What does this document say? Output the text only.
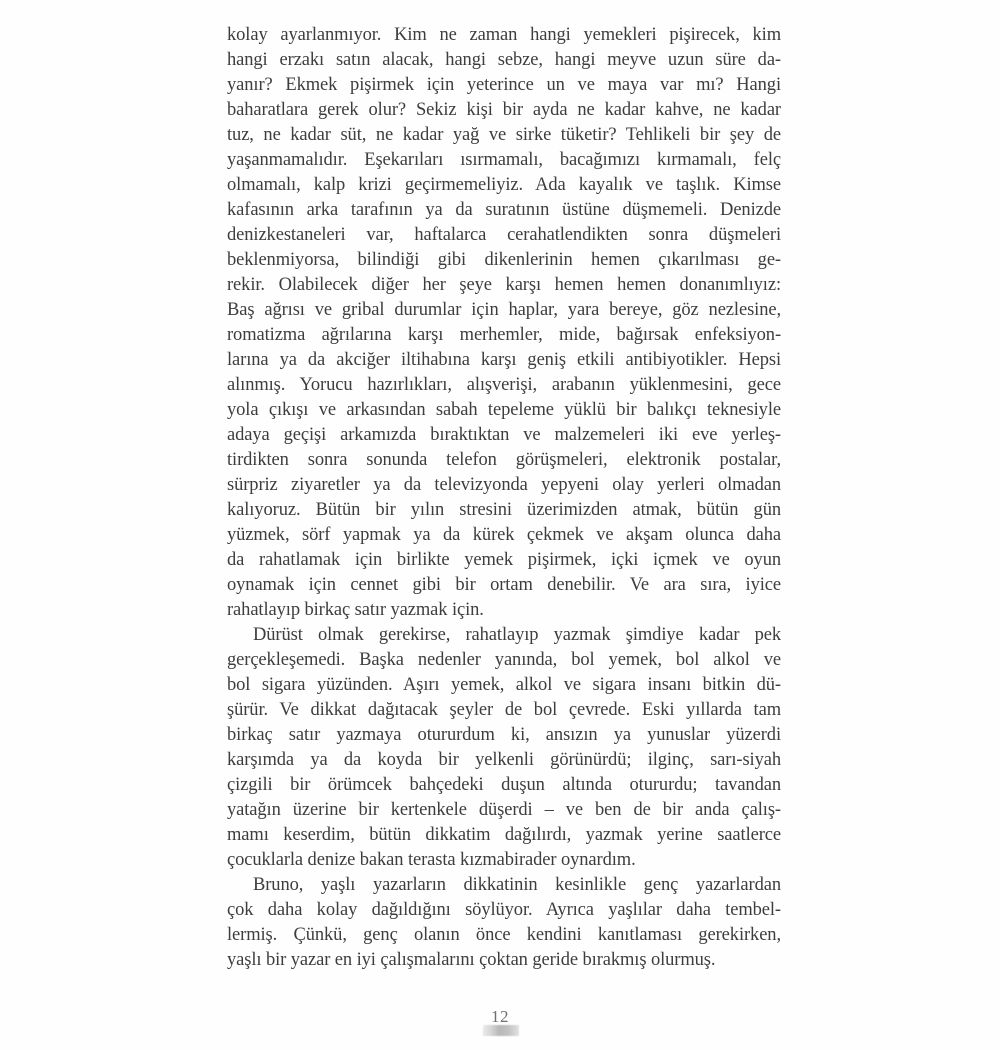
kolay ayarlanmıyor. Kim ne zaman hangi yemekleri pişirecek, kim
hangi erzakı satın alacak, hangi sebze, hangi meyve uzun süre da-
yanır? Ekmek pişirmek için yeterince un ve maya var mı? Hangi
baharatlara gerek olur? Sekiz kişi bir ayda ne kadar kahve, ne kadar
tuz, ne kadar süt, ne kadar yağ ve sirke tüketir? Tehlikeli bir şey de
yaşanmamalıdır. Eşekarıları ısırmamalı, bacağımızı kırmamalı, felç
olmamalı, kalp krizi geçirmemeliyiz. Ada kayalık ve taşlık. Kimse
kafasının arka tarafının ya da suratının üstüne düşmemeli. Denizde
denizkestaneleri var, haftalarca cerahatlendikten sonra düşmeleri
beklenmiyorsa, bilindiği gibi dikenlerinin hemen çıkarılması ge-
rekir. Olabilecek diğer her şeye karşı hemen hemen donanımlıyız:
Baş ağrısı ve gribal durumlar için haplar, yara bereye, göz nezlesine,
romatizma ağrılarına karşı merhemler, mide, bağırsak enfeksiyon-
larına ya da akciğer iltihabına karşı geniş etkili antibiyotikler. Hepsi
alınmış. Yorucu hazırlıkları, alışverişi, arabanın yüklenmesini, gece
yola çıkışı ve arkasından sabah tepeleme yüklü bir balıkçı teknesiyle
adaya geçişi arkamızda bıraktıktan ve malzemeleri iki eve yerleş-
tirdikten sonra sonunda telefon görüşmeleri, elektronik postalar,
sürpriz ziyaretler ya da televizyonda yepyeni olay yerleri olmadan
kalıyoruz. Bütün bir yılın stresini üzerimizden atmak, bütün gün
yüzmek, sörf yapmak ya da kürek çekmek ve akşam olunca daha
da rahatlamak için birlikte yemek pişirmek, içki içmek ve oyun
oynamak için cennet gibi bir ortam denebilir. Ve ara sıra, iyice
rahatlayıp birkaç satır yazmak için.
Dürüst olmak gerekirse, rahatlayıp yazmak şimdiye kadar pek
gerçekleşemedi. Başka nedenler yanında, bol yemek, bol alkol ve
bol sigara yüzünden. Aşırı yemek, alkol ve sigara insanı bitkin dü-
şürür. Ve dikkat dağıtacak şeyler de bol çevrede. Eski yıllarda tam
birkaç satır yazmaya otururdum ki, ansızın ya yunuslar yüzerdi
karşımda ya da koyda bir yelkenli görünürdü; ilginç, sarı-siyah
çizgili bir örümcek bahçedeki duşun altında otururdu; tavandan
yatağın üzerine bir kertenkele düşerdi – ve ben de bir anda çalış-
mamı keserdim, bütün dikkatim dağılırdı, yazmak yerine saatlerce
çocuklarla denize bakan terasta kızmabirader oynardım.
Bruno, yaşlı yazarların dikkatinin kesinlikle genç yazarlardan
çok daha kolay dağıldığını söylüyor. Ayrıca yaşlılar daha tembel-
lermiş. Çünkü, genç olanın önce kendini kanıtlaması gerekirken,
yaşlı bir yazar en iyi çalışmalarını çoktan geride bırakmış olurmuş.
12
